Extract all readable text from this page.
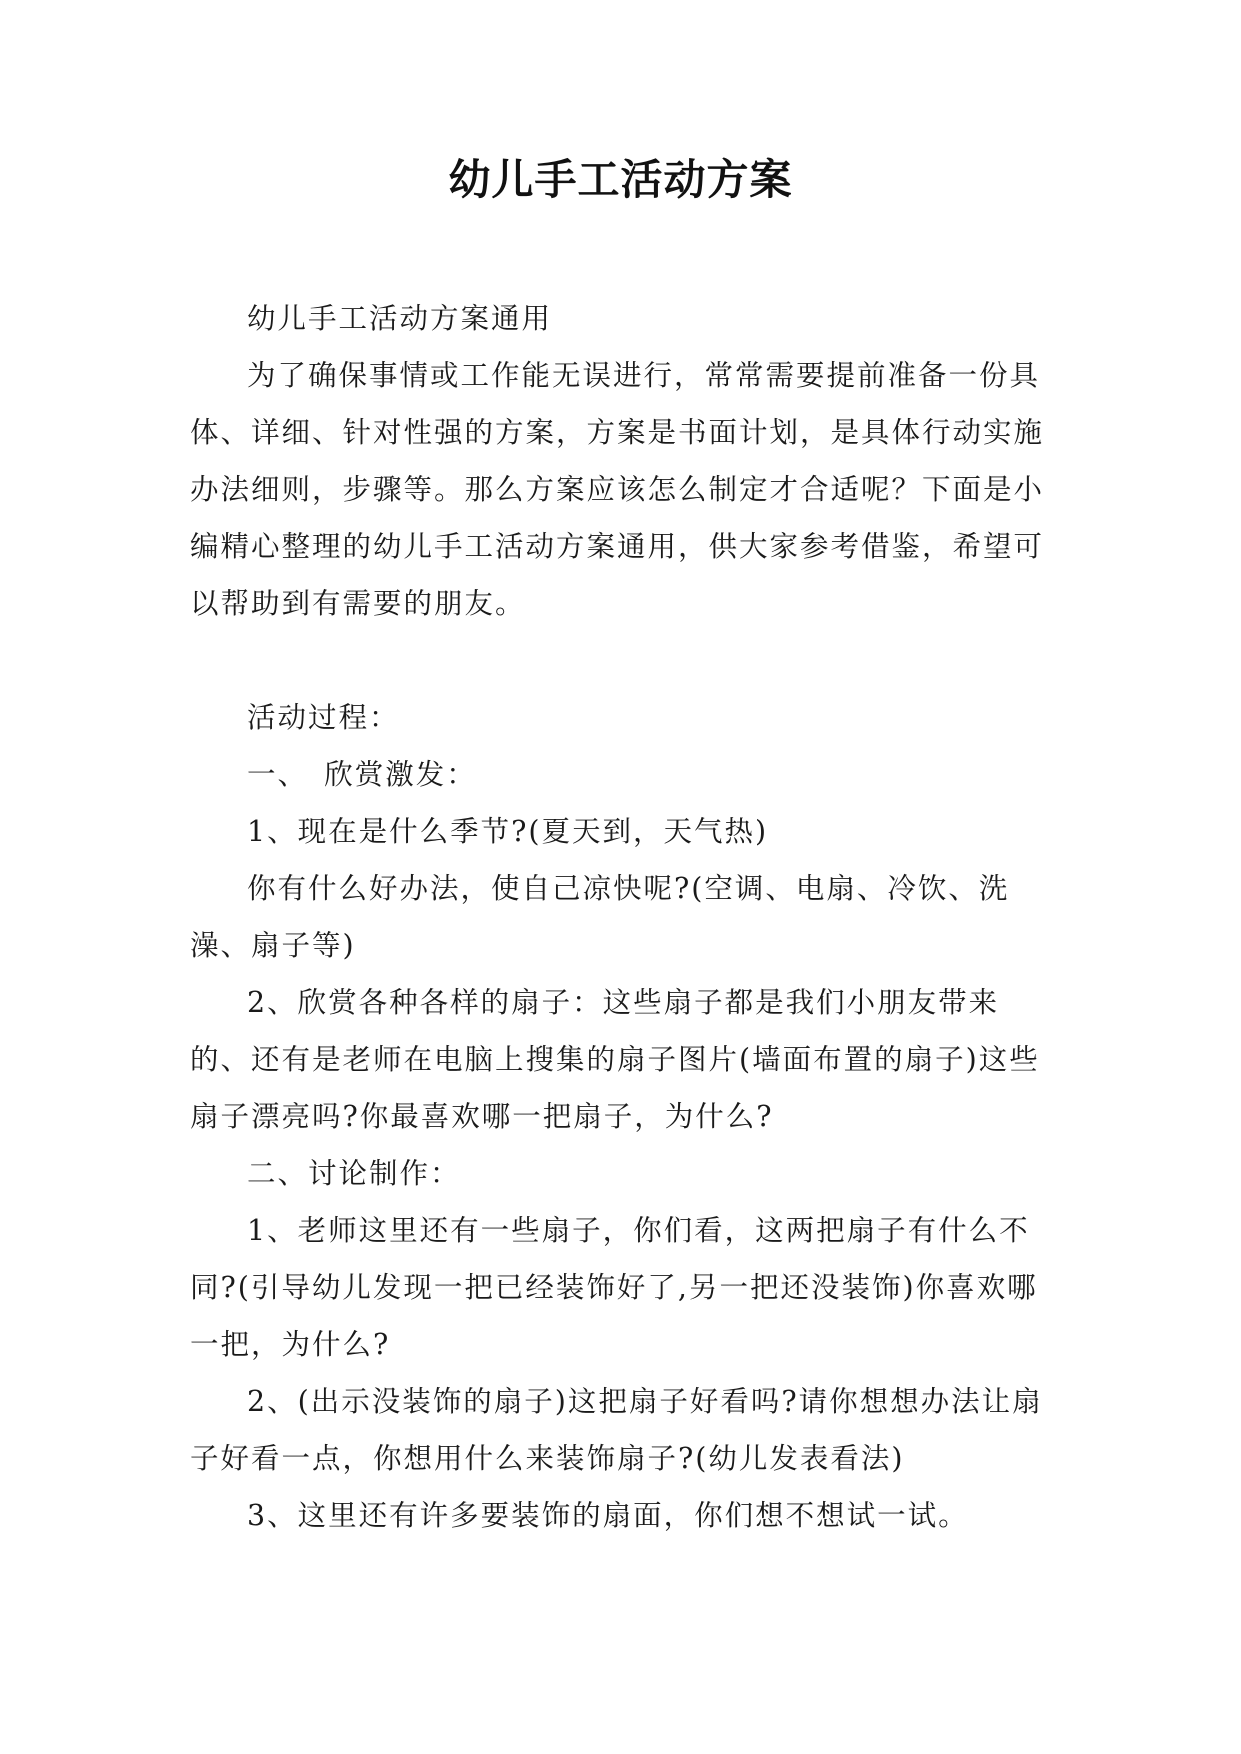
幼儿手工活动方案

幼儿手工活动方案通用

为了确保事情或工作能无误进行，常常需要提前准备一份具体、详细、针对性强的方案，方案是书面计划，是具体行动实施办法细则，步骤等。那么方案应该怎么制定才合适呢？下面是小编精心整理的幼儿手工活动方案通用，供大家参考借鉴，希望可以帮助到有需要的朋友。

活动过程：

一、　欣赏激发：

1、现在是什么季节?(夏天到，天气热)

你有什么好办法，使自己凉快呢?(空调、电扇、冷饮、洗澡、扇子等)

2、欣赏各种各样的扇子：这些扇子都是我们小朋友带来的、还有是老师在电脑上搜集的扇子图片(墙面布置的扇子)这些扇子漂亮吗?你最喜欢哪一把扇子，为什么?

二、讨论制作：

1、老师这里还有一些扇子，你们看，这两把扇子有什么不同?(引导幼儿发现一把已经装饰好了,另一把还没装饰)你喜欢哪一把，为什么?

2、(出示没装饰的扇子)这把扇子好看吗?请你想想办法让扇子好看一点，你想用什么来装饰扇子?(幼儿发表看法)

3、这里还有许多要装饰的扇面，你们想不想试一试。
